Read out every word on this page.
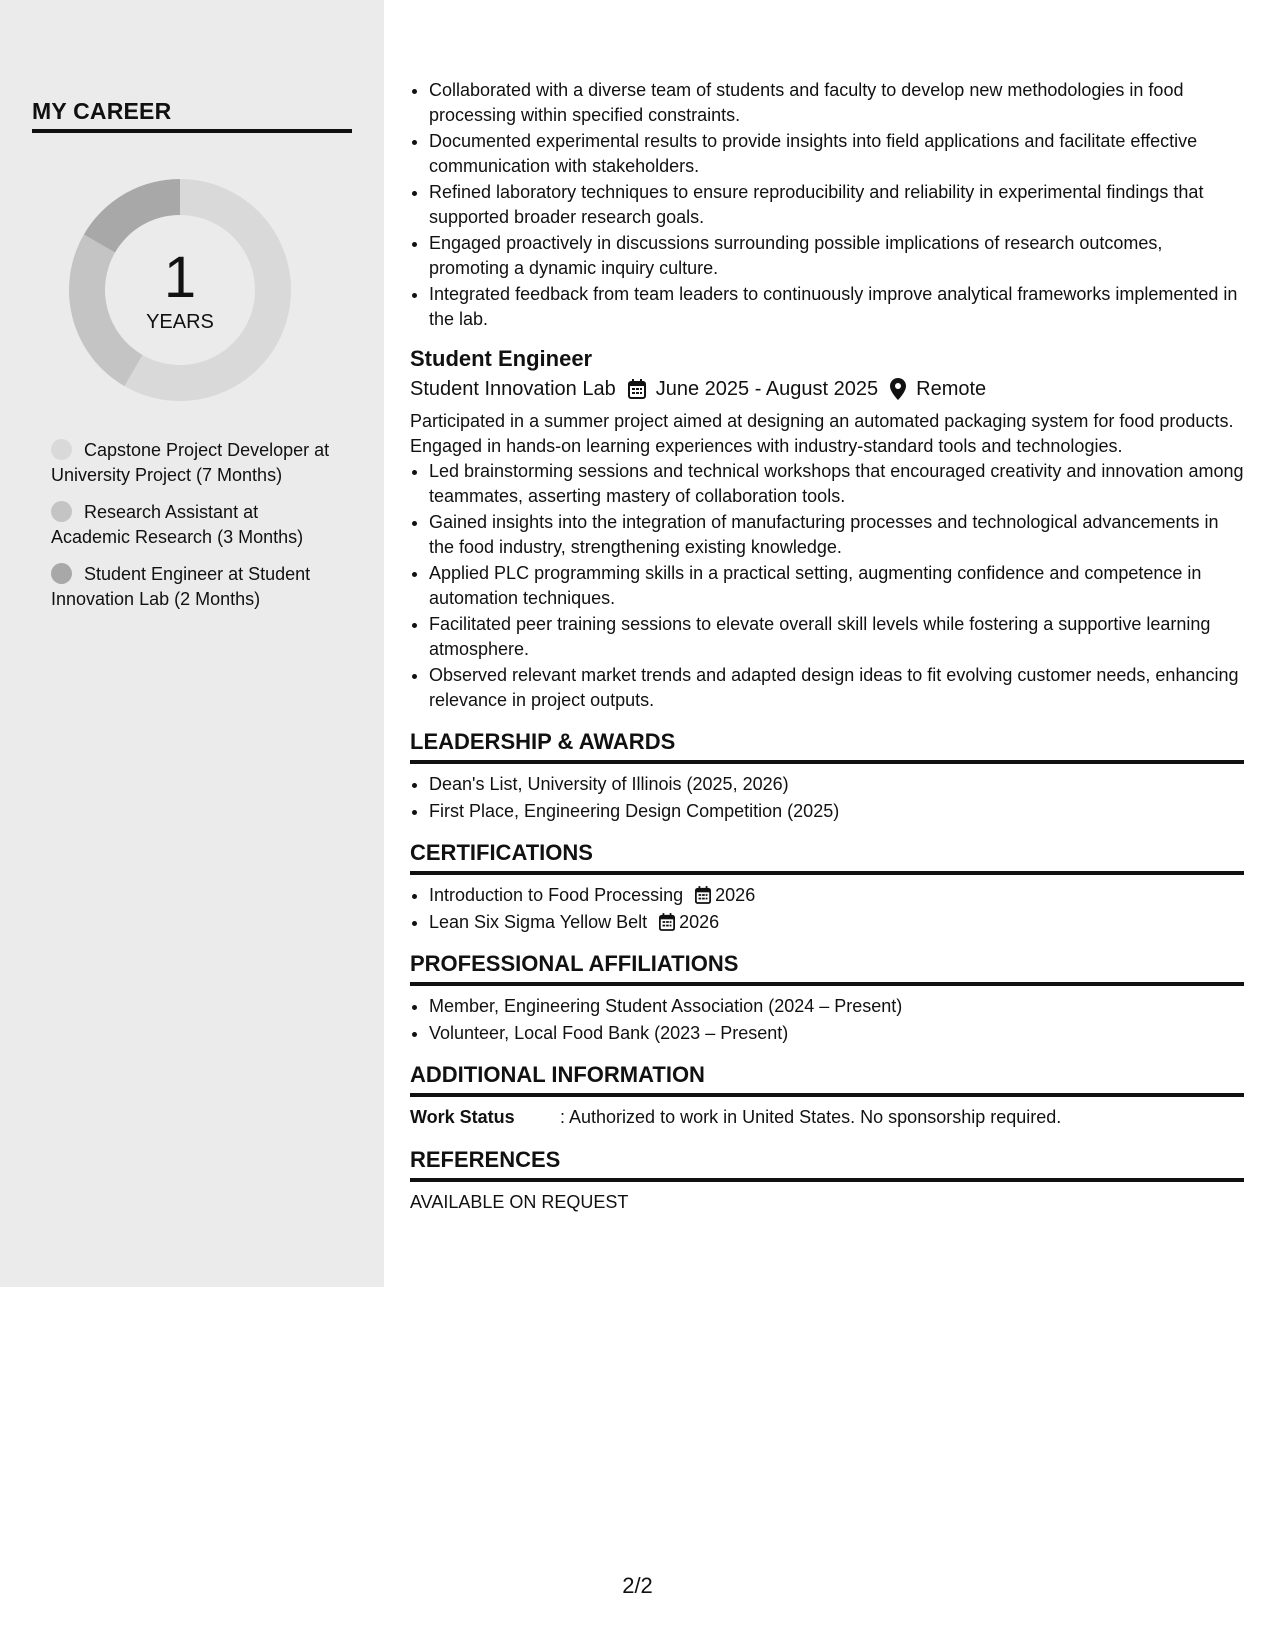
MY CAREER
1
YEARS
Capstone Project Developer at University Project (7 Months)
Research Assistant at Academic Research (3 Months)
Student Engineer at Student Innovation Lab (2 Months)
• Collaborated with a diverse team of students and faculty to develop new methodologies in food processing within specified constraints.
• Documented experimental results to provide insights into field applications and facilitate effective communication with stakeholders.
• Refined laboratory techniques to ensure reproducibility and reliability in experimental findings that supported broader research goals.
• Engaged proactively in discussions surrounding possible implications of research outcomes, promoting a dynamic inquiry culture.
• Integrated feedback from team leaders to continuously improve analytical frameworks implemented in the lab.
Student Engineer
Student Innovation Lab June 2025 - August 2025 Remote
Participated in a summer project aimed at designing an automated packaging system for food products. Engaged in hands-on learning experiences with industry-standard tools and technologies.
• Led brainstorming sessions and technical workshops that encouraged creativity and innovation among teammates, asserting mastery of collaboration tools.
• Gained insights into the integration of manufacturing processes and technological advancements in the food industry, strengthening existing knowledge.
• Applied PLC programming skills in a practical setting, augmenting confidence and competence in automation techniques.
• Facilitated peer training sessions to elevate overall skill levels while fostering a supportive learning atmosphere.
• Observed relevant market trends and adapted design ideas to fit evolving customer needs, enhancing relevance in project outputs.
LEADERSHIP & AWARDS
• Dean's List, University of Illinois (2025, 2026)
• First Place, Engineering Design Competition (2025)
CERTIFICATIONS
• Introduction to Food Processing 2026
• Lean Six Sigma Yellow Belt 2026
PROFESSIONAL AFFILIATIONS
• Member, Engineering Student Association (2024 – Present)
• Volunteer, Local Food Bank (2023 – Present)
ADDITIONAL INFORMATION
Work Status	: Authorized to work in United States. No sponsorship required.
REFERENCES
AVAILABLE ON REQUEST
2/2
